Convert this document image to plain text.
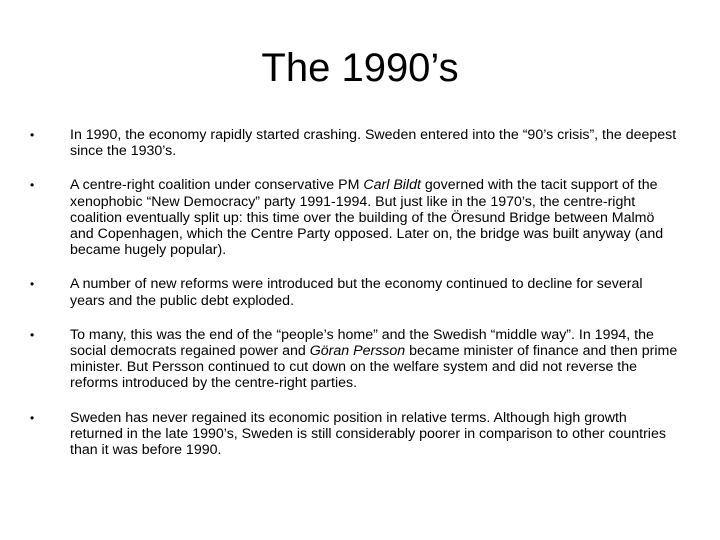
The 1990’s
•	In 1990, the economy rapidly started crashing. Sweden entered into the “90’s crisis”, the deepest since the 1930’s.
•	A centre-right coalition under conservative PM Carl Bildt governed with the tacit support of the xenophobic “New Democracy” party 1991-1994. But just like in the 1970’s, the centre-right coalition eventually split up: this time over the building of the Öresund Bridge between Malmö and Copenhagen, which the Centre Party opposed. Later on, the bridge was built anyway (and became hugely popular).
•	A number of new reforms were introduced but the economy continued to decline for several years and the public debt exploded.
•	To many, this was the end of the “people’s home” and the Swedish “middle way”. In 1994, the social democrats regained power and Göran Persson became minister of finance and then prime minister. But Persson continued to cut down on the welfare system and did not reverse the reforms introduced by the centre-right parties.
•	Sweden has never regained its economic position in relative terms. Although high growth returned in the late 1990’s, Sweden is still considerably poorer in comparison to other countries than it was before 1990.
